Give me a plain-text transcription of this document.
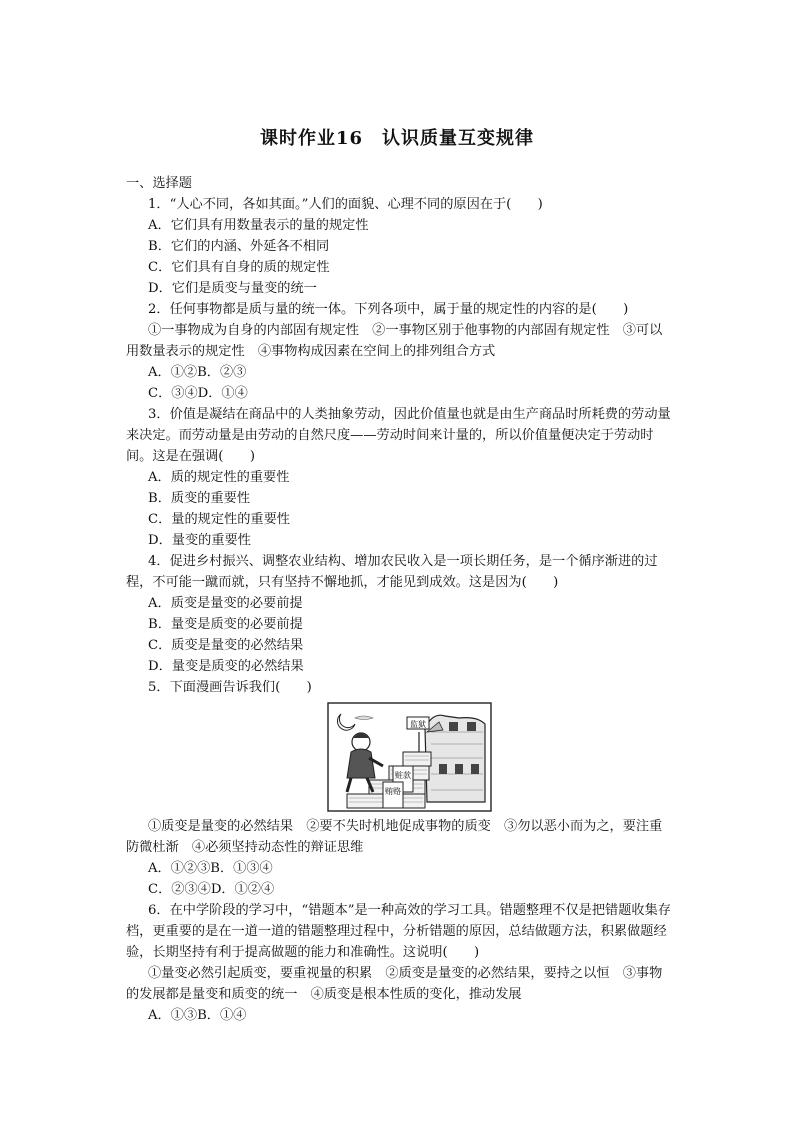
课时作业16　认识质量互变规律

一、选择题

1．“人心不同，各如其面。”人们的面貌、心理不同的原因在于(　　)

A．它们具有用数量表示的量的规定性

B．它们的内涵、外延各不相同

C．它们具有自身的质的规定性

D．它们是质变与量变的统一

2．任何事物都是质与量的统一体。下列各项中，属于量的规定性的内容的是(　　)

①一事物成为自身的内部固有规定性　②一事物区别于他事物的内部固有规定性　③可以用数量表示的规定性　④事物构成因素在空间上的排列组合方式

A．①②B．②③

C．③④D．①④

3．价值是凝结在商品中的人类抽象劳动，因此价值量也就是由生产商品时所耗费的劳动量来决定。而劳动量是由劳动的自然尺度——劳动时间来计量的，所以价值量便决定于劳动时间。这是在强调(　　)

A．质的规定性的重要性

B．质变的重要性

C．量的规定性的重要性

D．量变的重要性

4．促进乡村振兴、调整农业结构、增加农民收入是一项长期任务，是一个循序渐进的过程，不可能一蹴而就，只有坚持不懈地抓，才能见到成效。这是因为(　　)

A．质变是量变的必要前提

B．量变是质变的必要前提

C．质变是量变的必然结果

D．量变是质变的必然结果

5．下面漫画告诉我们(　　)

监狱
赃款
贿赂

①质变是量变的必然结果　②要不失时机地促成事物的质变　③勿以恶小而为之，要注重防微杜渐　④必须坚持动态性的辩证思维

A．①②③B．①③④

C．②③④D．①②④

6．在中学阶段的学习中，“错题本”是一种高效的学习工具。错题整理不仅是把错题收集存档，更重要的是在一道一道的错题整理过程中，分析错题的原因，总结做题方法，积累做题经验，长期坚持有利于提高做题的能力和准确性。这说明(　　)

①量变必然引起质变，要重视量的积累　②质变是量变的必然结果，要持之以恒　③事物的发展都是量变和质变的统一　④质变是根本性质的变化，推动发展

A．①③B．①④
